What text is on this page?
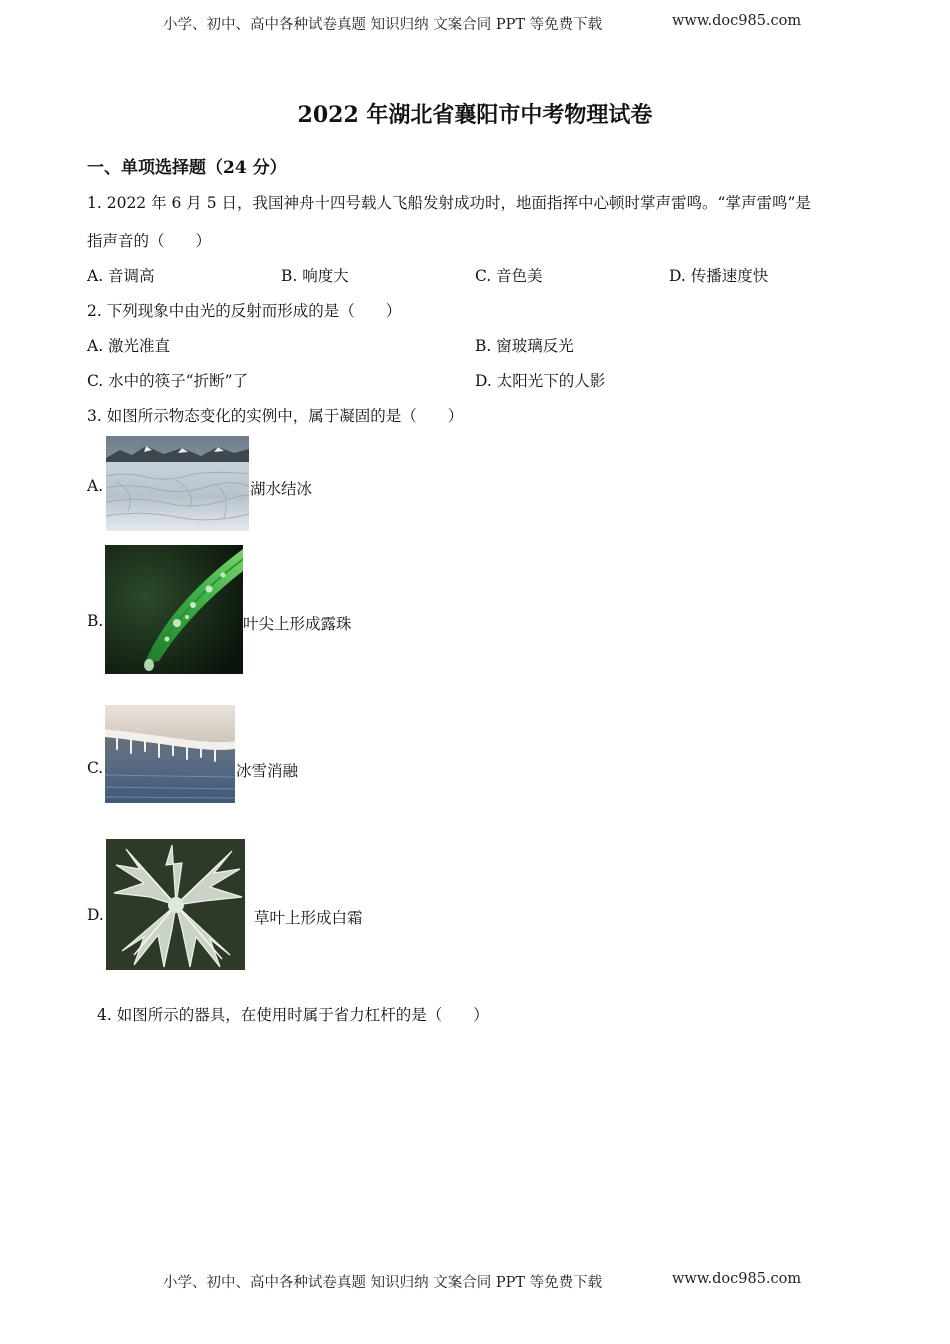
小学、初中、高中各种试卷真题 知识归纳 文案合同 PPT 等免费下载	www.doc985.com
2022 年湖北省襄阳市中考物理试卷
一、单项选择题（24 分）
1. 2022 年 6 月 5 日，我国神舟十四号载人飞船发射成功时，地面指挥中心顿时掌声雷鸣。“掌声雷鸣”是
指声音的（　　）
A. 音调高	B. 响度大	C. 音色美	D. 传播速度快
2. 下列现象中由光的反射而形成的是（　　）
A. 激光准直	B. 窗玻璃反光
C. 水中的筷子“折断”了	D. 太阳光下的人影
3. 如图所示物态变化的实例中，属于凝固的是（　　）
A.	湖水结冰
B.	叶尖上形成露珠
C.	冰雪消融
D.	草叶上形成白霜
4. 如图所示的器具，在使用时属于省力杠杆的是（　　）
小学、初中、高中各种试卷真题 知识归纳 文案合同 PPT 等免费下载	www.doc985.com
